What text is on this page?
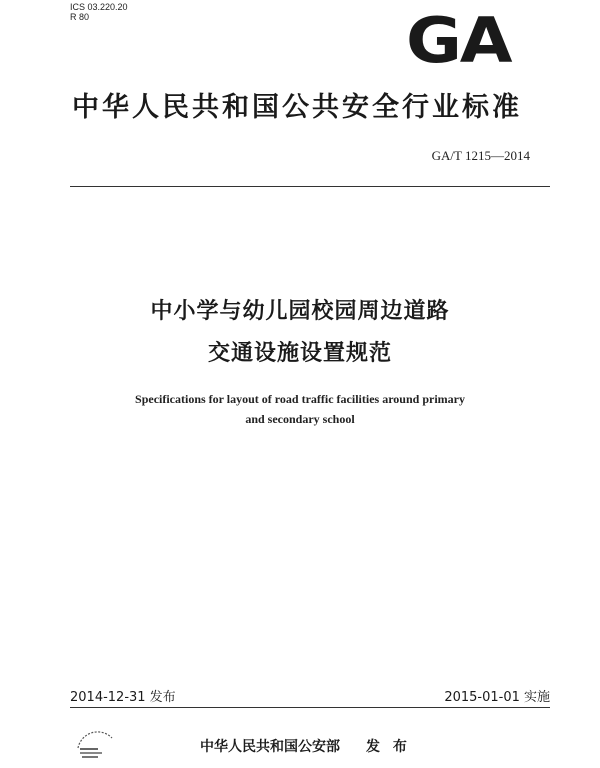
ICS 03.220.20
R 80	GA
中华人民共和国公共安全行业标准
GA/T 1215—2014
中小学与幼儿园校园周边道路
交通设施设置规范
Specifications for layout of road traffic facilities around primary
and secondary school
2014-12-31 发布	2015-01-01 实施
中华人民共和国公安部 发 布
